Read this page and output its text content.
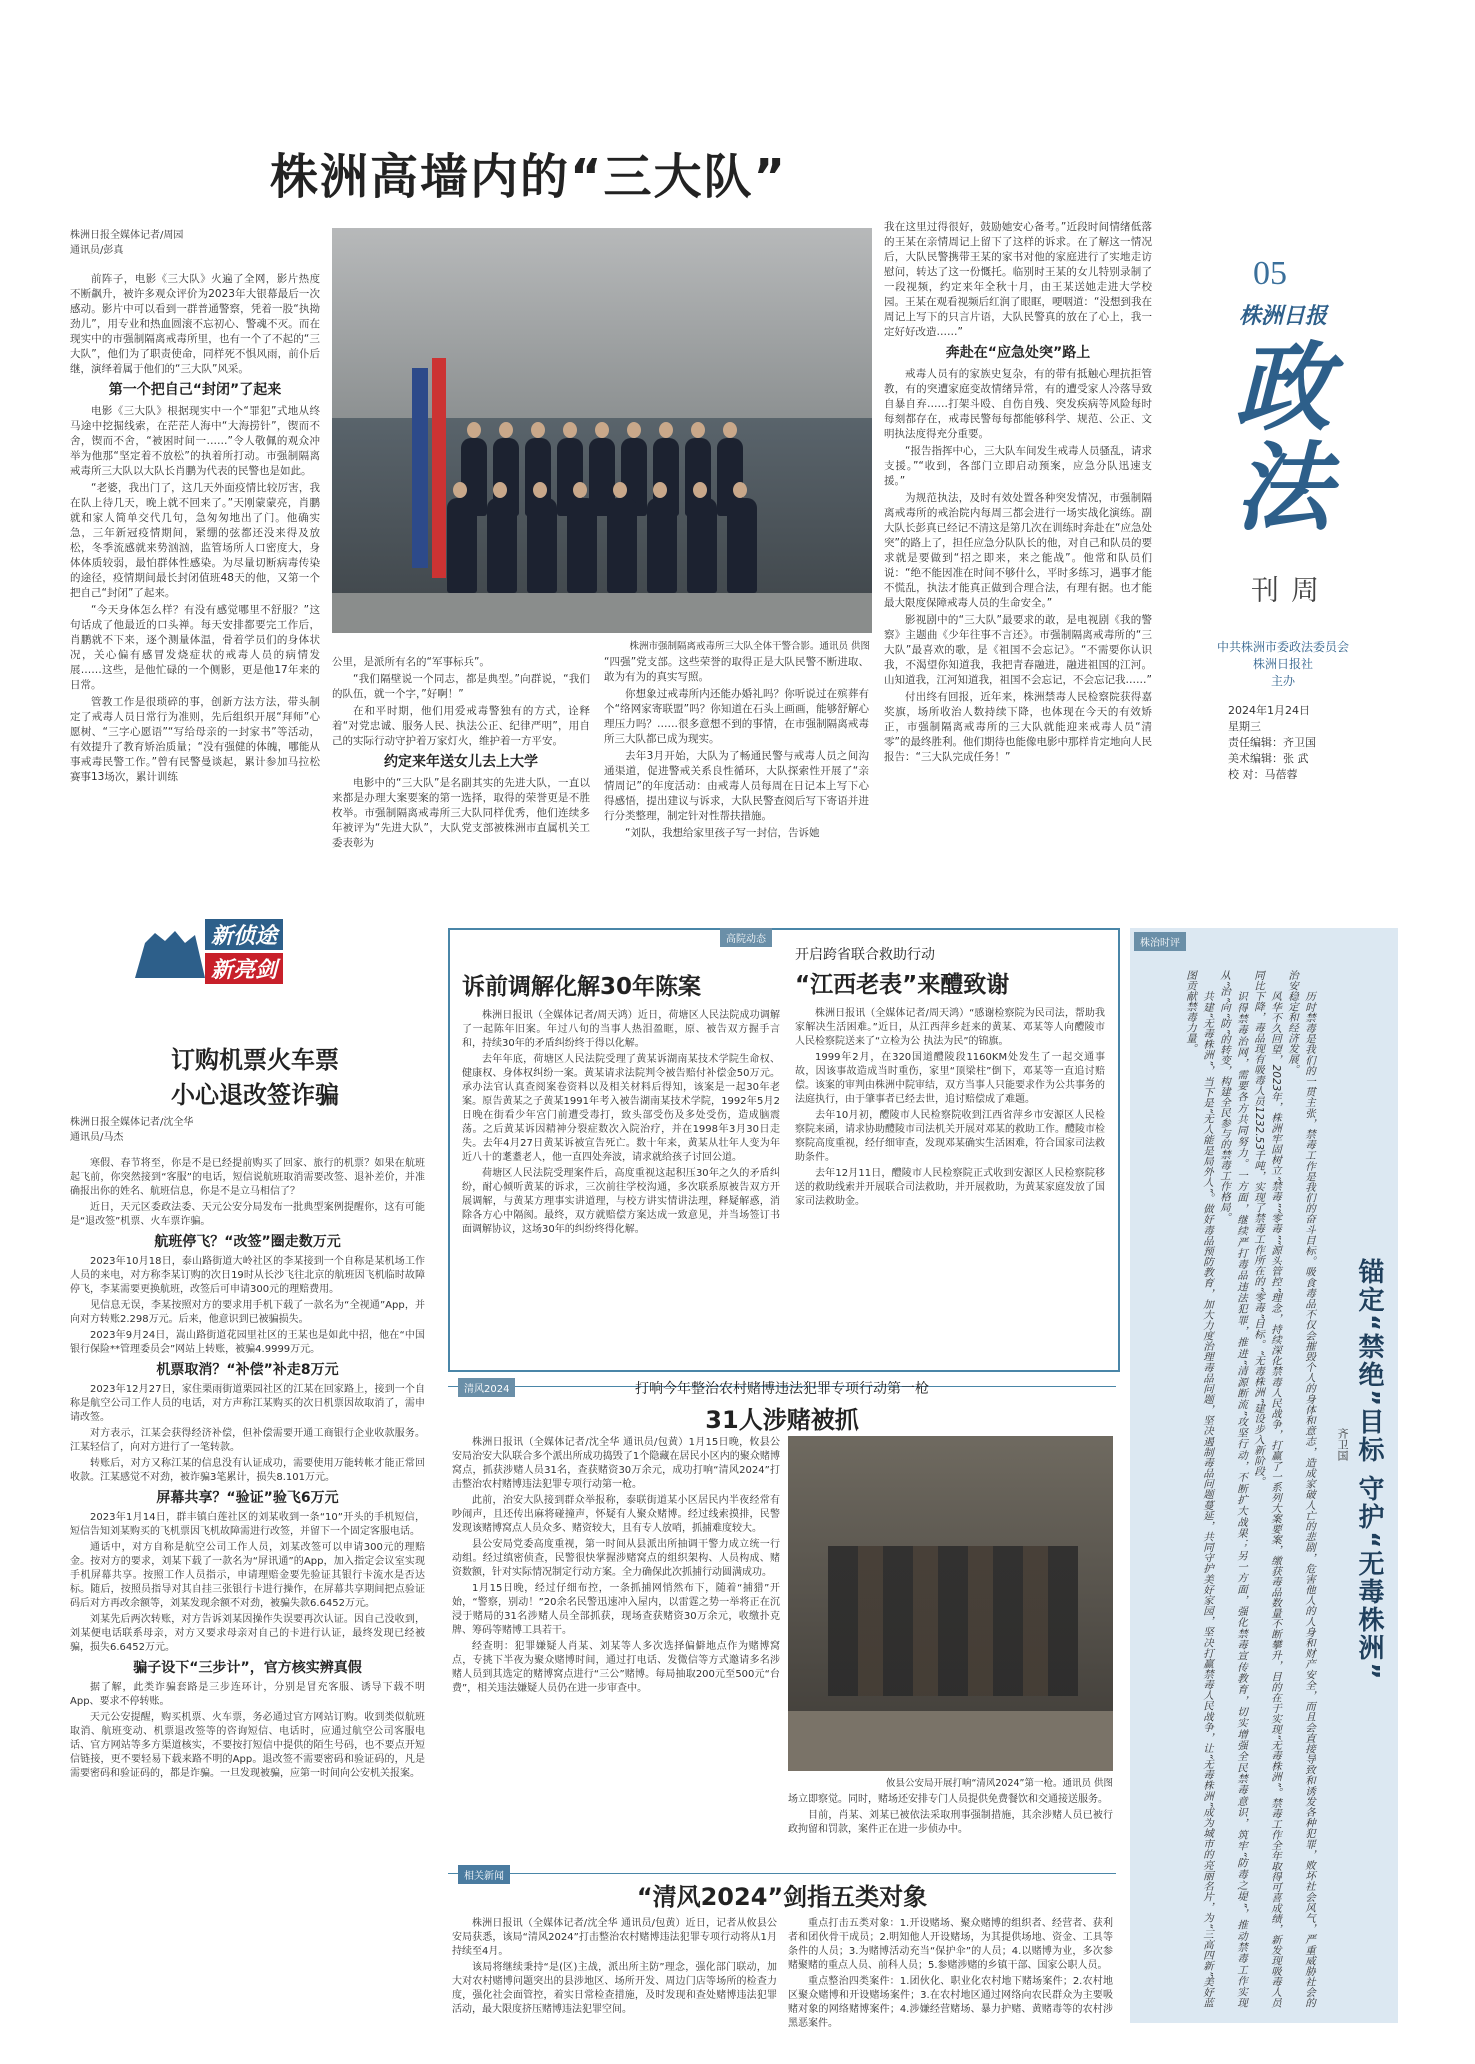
株洲高墙内的“三大队”
株洲日报全媒体记者/周园
通讯员/彭真

前阵子，电影《三大队》火遍了全网，影片热度不断飙升，被许多观众评价为2023年大银幕最后一次感动。影片中可以看到一群普通警察，凭着一股“执拗劲儿”，用专业和热血圆滚不忘初心、警魂不灭。而在现实中的市强制隔离戒毒所里，也有一个了不起的“三大队”，他们为了职责使命，同样死不惧风雨，前仆后继，演绎着属于他们的“三大队”风采。

第一个把自己“封闭”了起来

电影《三大队》根据现实中一个“罪犯”式地从终马途中挖掘线索，在茫茫人海中“大海捞针”，锲而不舍，锲而不舍，“被困时间一……”令人敬佩的观众冲举为他那“坚定着不放松”的执着所打动。市强制隔离戒毒所三大队以大队长肖鹏为代表的民警也是如此。

“老婆，我出门了，这几天外面疫情比较厉害，我在队上待几天，晚上就不回来了。”天刚蒙蒙亮，肖鹏就和家人简单交代几句，急匆匆地出了门。他确实急，三年新冠疫情期间，紧绷的弦都还没来得及放松，冬季流感就来势汹汹，监管场所人口密度大，身体体质较弱，最怕群体性感染。为尽量切断病毒传染的途径，疫情期间最长封闭值班48天的他，又第一个把自己“封闭”了起来。

“今天身体怎么样？有没有感觉哪里不舒服？”这句话成了他最近的口头禅。每天安排都要完工作后，肖鹏就不下来，逐个测量体温，骨着学员们的身体状况，关心偏有感冒发烧症状的戒毒人员的病情发展……这些，是他忙碌的一个侧影，更是他17年来的日常。

管教工作是很琐碎的事，创新方法方法，带头制定了戒毒人员日常行为准则，先后组织开展“拜师”心愿树、“三字心愿语”“写给母亲的一封家书”等活动，有效提升了教育矫治质量；“没有强健的体魄，哪能从事戒毒民警工作。”曾有民警曼谈起，累计参加马拉松赛事13场次，累计训练

株洲市强制隔离戒毒所三大队全体干警合影。通讯员 供图

公里，是派所有名的“军事标兵”。

“我们隔壁说一个同志，都是典型。”向群说，“我们的队伍，就一个字，”好啊！”

在和平时期，他们用爱戒毒警独有的方式，诠释着“对党忠诚、服务人民、执法公正、纪律严明”，用自己的实际行动守护着万家灯火，维护着一方平安。

约定来年送女儿去上大学

电影中的“三大队”是名副其实的先进大队，一直以来都是办理大案要案的第一选择，取得的荣誉更是不胜枚举。市强制隔离戒毒所三大队同样优秀，他们连续多年被评为“先进大队”，大队党支部被株洲市直属机关工委表彰为

“四强”党支部。这些荣誉的取得正是大队民警不断进取、敢为有为的真实写照。

你想象过戒毒所内还能办婚礼吗？你听说过在殡葬有个“络网家寄联盟”吗？你知道在石头上画画，能够舒解心理压力吗？……很多意想不到的事情，在市强制隔离戒毒所三大队都已成为现实。

去年3月开始，大队为了畅通民警与戒毒人员之间沟通渠道，促进警戒关系良性循环，大队探索性开展了“亲情周记”的年度活动：由戒毒人员每周在日记本上写下心得感悟，提出建议与诉求，大队民警查阅后写下寄语并进行分类整理，制定针对性帮扶措施。

“刘队，我想给家里孩子写一封信，告诉她

我在这里过得很好，鼓励她安心备考。”近段时间情绪低落的王某在亲情周记上留下了这样的诉求。在了解这一情况后，大队民警携带王某的家书对他的家庭进行了实地走访慰问，转达了这一份慨托。临别时王某的女儿特别录制了一段视频，约定来年全秋十月，由王某送她走进大学校园。王某在观看视频后红润了眼眶，哽咽道：“没想到我在周记上写下的只言片语，大队民警真的放在了心上，我一定好好改造……”

奔赴在“应急处突”路上

戒毒人员有的家族史复杂，有的带有抵触心理抗拒管教，有的突遭家庭变故情绪异常，有的遭受家人冷落导致自暴自弃……打架斗殴、自伤自残、突发疾病等风险每时每刻都存在，戒毒民警每每都能够科学、规范、公正、文明执法度得充分重要。

“报告指挥中心，三大队车间发生戒毒人员骚乱，请求支援。”“收到，各部门立即启动预案，应急分队迅速支援。”

为规范执法，及时有效处置各种突发情况，市强制隔离戒毒所的戒治院内每周三都会进行一场实战化演练。副大队长彭真已经记不清这是第几次在训练时奔赴在“应急处突”的路上了，担任应急分队队长的他，对自己和队员的要求就是要做到“招之即来，来之能战”。他常和队员们说：“绝不能因准在时间不够什么，平时多练习，遇事才能不慌乱，执法才能真正做到合理合法，有理有据。也才能最大限度保障戒毒人员的生命安全。”

影视剧中的“三大队”最要求的敢，是电视剧《我的警察》主题曲《少年往事不言还》。市强制隔离戒毒所的“三大队”最喜欢的歌，是《祖国不会忘记》。“不需要你认识我，不渴望你知道我，我把青春融进，融进祖国的江河。山知道我，江河知道我，祖国不会忘记，不会忘记我……”

付出终有回报，近年来，株洲禁毒人民检察院获得嘉奖旗，场所收治人数持续下降，也体现在今天的有效矫正，市强制隔离戒毒所的三大队就能迎来戒毒人员“清零”的最终胜利。他们期待也能像电影中那样肯定地向人民报告：“三大队完成任务！”

05
株洲日报
政
法
周刊
中共株洲市委政法委员会
株洲日报社
主办
2024年1月24日
星期三
责任编辑：齐卫国
美术编辑：张 武
校 对：马蓓蓉
新侦途
新亮剑
订购机票火车票
小心退改签诈骗
株洲日报全媒体记者/沈全华
通讯员/马杰

寒假、春节将至，你是不是已经提前购买了回家、旅行的机票？如果在航班起飞前，你突然接到“客服”的电话，短信说航班取消需要改签、退补差价，并准确报出你的姓名、航班信息，你是不是立马相信了？

近日，天元区委政法委、天元公安分局发布一批典型案例提醒你，这有可能是“退改签”机票、火车票诈骗。

航班停飞？“改签”圈走数万元

2023年10月18日，泰山路街道大岭社区的李某接到一个自称是某机场工作人员的来电，对方称李某订购的次日19时从长沙飞往北京的航班因飞机临时故障停飞，李某需要更换航班，改签后可申请300元的理赔费用。

见信息无误，李某按照对方的要求用手机下载了一款名为“全视通”App，并向对方转账2.298万元。后来，他意识到已被骗损失。

2023年9月24日，嵩山路街道花园里社区的王某也是如此中招，他在“中国银行保险**管理委员会”网站上转账，被骗4.9999万元。

机票取消？“补偿”补走8万元

2023年12月27日，家住栗雨街道栗园社区的江某在回家路上，接到一个自称是航空公司工作人员的电话，对方声称江某购买的次日机票因故取消了，需申请改签。

对方表示，江某会获得经济补偿，但补偿需要开通工商银行企业收款服务。江某轻信了，向对方进行了一笔转款。

转账后，对方又称江某的信息没有认证成功，需要使用万能转帐才能正常回收款。江某感觉不对劲，被诈骗3笔累计，损失8.101万元。

屏幕共享？“验证”验飞6万元

2023年1月14日，群丰镇白莲社区的刘某收到一条“10”开头的手机短信，短信告知刘某购买的飞机票因飞机故障需进行改签，并留下一个固定客服电话。

通话中，对方自称是航空公司工作人员，刘某改签可以申请300元的理赔金。按对方的要求，刘某下载了一款名为“屏讯通”的App，加入指定会议室实现手机屏幕共享。按照工作人员指示，申请理赔金要先验证其银行卡流水是否达标。随后，按照员指导对其自挂三张银行卡进行操作，在屏幕共享期间把点验证码后对方再改余额等，刘某发现余额不对劲，被骗失款6.6452万元。

刘某先后两次转账，对方告诉刘某因操作失误要再次认证。因自己没收到，刘某便电话联系母亲，对方又要求母亲对自己的卡进行认证，最终发现已经被骗，损失6.6452万元。

骗子设下“三步计”，官方核实辨真假

据了解，此类诈骗套路是三步连环计，分别是冒充客服、诱导下载不明App、要求不停转账。

天元公安提醒，购买机票、火车票，务必通过官方网站订购。收到类似航班取消、航班变动、机票退改签等的咨询短信、电话时，应通过航空公司客服电话、官方网站等多方渠道核实，不要按打短信中提供的陌生号码，也不要点开短信链接，更不要轻易下载来路不明的App。退改签不需要密码和验证码的，凡是需要密码和验证码的，都是诈骗。一旦发现被骗，应第一时间向公安机关报案。

高院动态
诉前调解化解30年陈案

株洲日报讯（全媒体记者/周天鸿）近日，荷塘区人民法院成功调解了一起陈年旧案。年过八旬的当事人热泪盈眶，原、被告双方握手言和，持续30年的矛盾纠纷终于得以化解。

去年年底，荷塘区人民法院受理了黄某诉湖南某技术学院生命权、健康权、身体权纠纷一案。黄某请求法院判令被告赔付补偿金50万元。承办法官认真查阅案卷资料以及相关材料后得知，该案是一起30年老案。原告黄某之子黄某1991年考入被告湖南某技术学院，1992年5月2日晚在街看少年宫门前遭受毒打，致头部受伤及多处受伤，造成脑震荡。之后黄某诉因精神分裂症数次入院治疗，并在1998年3月30日走失。去年4月27日黄某诉被宣告死亡。数十年来，黄某从壮年人变为年近八十的耄耋老人，他一直四处奔波，请求就给孩子讨回公道。

荷塘区人民法院受理案件后，高度重视这起积压30年之久的矛盾纠纷，耐心倾听黄某的诉求，三次前往学校沟通，多次联系原被告双方开展调解，与黄某方理事实讲道理，与校方讲实情讲法理，释疑解惑，消除各方心中隔阂。最终，双方就赔偿方案达成一致意见，并当场签订书面调解协议，这场30年的纠纷终得化解。

开启跨省联合救助行动
“江西老表”来醴致谢

株洲日报讯（全媒体记者/周天鸿）“感谢检察院为民司法，帮助我家解决生活困难。”近日，从江西萍乡赶来的黄某、邓某等人向醴陵市人民检察院送来了“立检为公 执法为民”的锦旗。

1999年2月，在320国道醴陵段1160KM处发生了一起交通事故，因该事故造成当时重伤，家里“顶梁柱”倒下，邓某等一直追讨赔偿。该案的审判由株洲中院审结，双方当事人只能要求作为公共事务的法庭执行，由于肇事者已经去世，追讨赔偿成了难题。

去年10月初，醴陵市人民检察院收到江西省萍乡市安源区人民检察院来函，请求协助醴陵市司法机关开展对邓某的救助工作。醴陵市检察院高度重视，经仔细审查，发现邓某确实生活困难，符合国家司法救助条件。

去年12月11日，醴陵市人民检察院正式收到安源区人民检察院移送的救助线索并开展联合司法救助，并开展救助，为黄某家庭发放了国家司法救助金。

清风2024	打响今年整治农村赌博违法犯罪专项行动第一枪
31人涉赌被抓

株洲日报讯（全媒体记者/沈全华 通讯员/包黄）1月15日晚，攸县公安局治安大队联合多个派出所成功捣毁了1个隐藏在居民小区内的聚众赌博窝点，抓获涉赌人员31名，查获赌资30万余元，成功打响“清风2024”打击整治农村赌博违法犯罪专项行动第一枪。

此前，治安大队接到群众举报称，泰联街道某小区居民内半夜经常有吵闹声，且还传出麻将碰撞声，怀疑有人聚众赌博。经过线索摸排，民警发现该赌博窝点人员众多、赌资较大，且有专人放哨，抓捕难度较大。

县公安局党委高度重视，第一时间从县派出所抽调干警力成立统一行动组。经过缜密侦查，民警很快掌握涉赌窝点的组织架构、人员构成、赌资数额，针对实际情况制定行动方案。全力确保此次抓捕行动圆满成功。

1月15日晚，经过仔细布控，一条抓捕网悄然布下，随着“捕猎”开始，“警察，别动！”20余名民警迅速冲入屋内，以雷霆之势一举将正在沉浸于赌局的31名涉赌人员全部抓获，现场查获赌资30万余元，收缴扑克牌、筹码等赌博工具若干。

经查明：犯罪嫌疑人肖某、刘某等人多次选择偏僻地点作为赌博窝点，专挑下半夜为聚众赌博时间，通过打电话、发微信等方式邀请多名涉赌人员到其选定的赌博窝点进行“三公”赌博。每局抽取200元至500元“台费”，相关违法嫌疑人员仍在进一步审查中。

攸县公安局开展打响“清风2024”第一枪。通讯员 供图

场立即察觉。同时，赌场还安排专门人员提供免费餐饮和交通接送服务。

目前，肖某、刘某已被依法采取刑事强制措施，其余涉赌人员已被行政拘留和罚款，案件正在进一步侦办中。

相关新闻
“清风2024”剑指五类对象

株洲日报讯（全媒体记者/沈全华 通讯员/包黄）近日，记者从攸县公安局获悉，该局“清风2024”打击整治农村赌博违法犯罪专项行动将从1月持续至4月。

该局将继续秉持“是(区)主战，派出所主防”理念，强化部门联动，加大对农村赌博问题突出的县涉地区、场所开发、周边门店等场所的检查力度，强化社会面管控，着实日常检查措施，及时发现和查处赌博违法犯罪活动，最大限度挤压赌博违法犯罪空间。

重点打击五类对象：1.开设赌场、聚众赌博的组织者、经营者、获利者和团伙骨干成员；2.明知他人开设赌场，为其提供场地、资金、工具等条件的人员；3.为赌博活动充当“保护伞”的人员；4.以赌博为业，多次参赌聚赌的重点人员、前科人员；5.参赌涉赌的乡镇干部、国家公职人员。

重点整治四类案件：1.团伙化、职业化农村地下赌场案件；2.农村地区聚众赌博和开设赌场案件；3.在农村地区通过网络向农民群众为主要吸赌对象的网络赌博案件；4.涉嫌经营赌场、暴力护赌、黄赌毒等的农村涉黑恶案件。

株治时评

历时禁毒是我们的一贯主张，禁毒工作是我们的奋斗目标。吸食毒品不仅会摧毁个人的身体和意志，造成家破人亡的悲剧，危害他人的人身和财产安全，而且会直接导致和诱发各种犯罪，败坏社会风气，严重威胁社会的治安稳定和经济发展。

风华不久回望，2023年，株洲牢固树立“禁毒”“零毒”“源头管控”理念，持续深化禁毒人民战争，打赢了一系列大案要案，缴获毒品数量不断攀升，目的在于实现“无毒株洲”。禁毒工作全年取得可喜成绩，新发现吸毒人员同比下降，毒品现有吸毒人员1232.53千吨，实现了禁毒工作所在的“零毒”目标。“无毒株洲”建设步入新阶段。

识得禁毒治网，需要各方共同努力。一方面，继续严打毒品违法犯罪，推进“清源断流”攻坚行动，不断扩大战果；另一方面，强化禁毒宣传教育，切实增强全民禁毒意识，筑牢“防毒之堤”，推动禁毒工作实现从“治”向“防”的转变，构建全民参与的禁毒工作格局。

共建“无毒株洲”，当下是“无人能是局外人”。做好毒品预防教育，加大力度治理毒品问题，坚决遏制毒品问题蔓延，共同守护美好家园，坚决打赢禁毒人民战争，让“无毒株洲”成为城市的亮丽名片，为“三高四新”美好蓝图贡献禁毒力量。

锚定“禁绝”目标 守护“无毒株洲”
齐卫国
